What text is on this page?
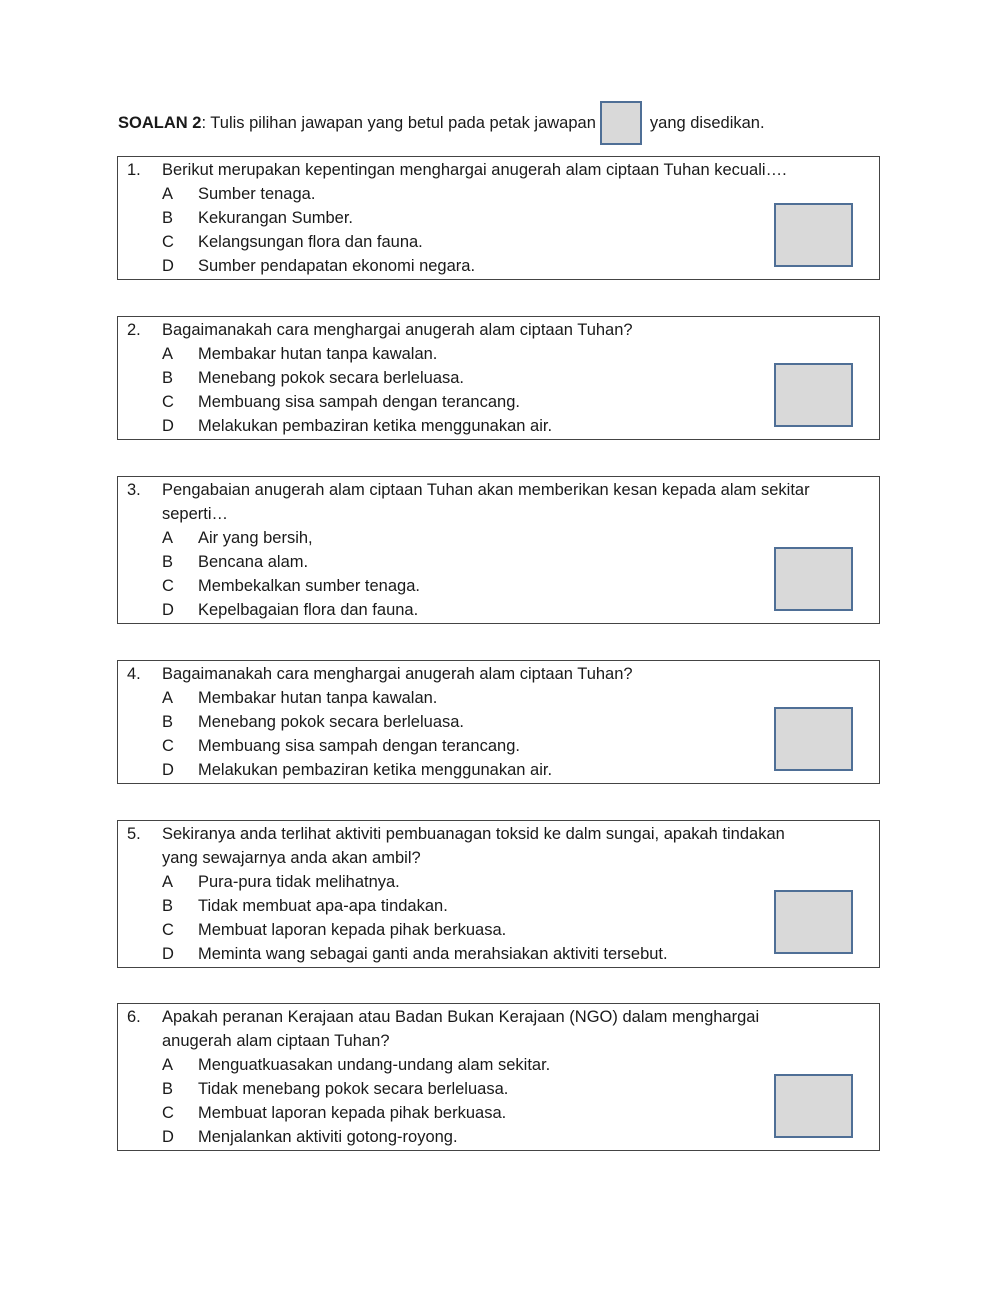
SOALAN 2 : Tulis pilihan jawapan yang betul pada petak jawapan	yang disedikan.
1. Berikut merupakan kepentingan menghargai anugerah alam ciptaan Tuhan kecuali….
A Sumber tenaga.
B Kekurangan Sumber.
C Kelangsungan flora dan fauna.
D Sumber pendapatan ekonomi negara.
2. Bagaimanakah cara menghargai anugerah alam ciptaan Tuhan?
A Membakar hutan tanpa kawalan.
B Menebang pokok secara berleluasa.
C Membuang sisa sampah dengan terancang.
D Melakukan pembaziran ketika menggunakan air.
3. Pengabaian anugerah alam ciptaan Tuhan akan memberikan kesan kepada alam sekitar
seperti…
A Air yang bersih,
B Bencana alam.
C Membekalkan sumber tenaga.
D Kepelbagaian flora dan fauna.
4. Bagaimanakah cara menghargai anugerah alam ciptaan Tuhan?
A Membakar hutan tanpa kawalan.
B Menebang pokok secara berleluasa.
C Membuang sisa sampah dengan terancang.
D Melakukan pembaziran ketika menggunakan air.
5. Sekiranya anda terlihat aktiviti pembuanagan toksid ke dalm sungai, apakah tindakan
yang sewajarnya anda akan ambil?
A Pura-pura tidak melihatnya.
B Tidak membuat apa-apa tindakan.
C Membuat laporan kepada pihak berkuasa.
D Meminta wang sebagai ganti anda merahsiakan aktiviti tersebut.
6. Apakah peranan Kerajaan atau Badan Bukan Kerajaan (NGO) dalam menghargai
anugerah alam ciptaan Tuhan?
A Menguatkuasakan undang-undang alam sekitar.
B Tidak menebang pokok secara berleluasa.
C Membuat laporan kepada pihak berkuasa.
D Menjalankan aktiviti gotong-royong.
